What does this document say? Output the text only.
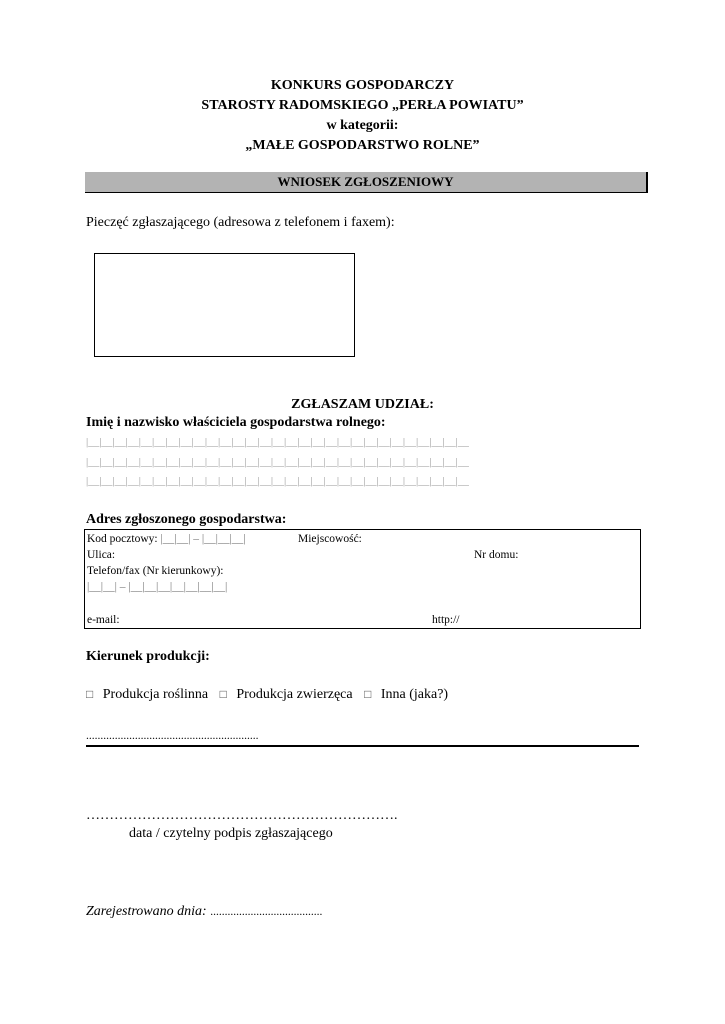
KONKURS GOSPODARCZY
STAROSTY RADOMSKIEGO „PERŁA POWIATU”
w kategorii:
„MAŁE GOSPODARSTWO ROLNE”
WNIOSEK ZGŁOSZENIOWY
Pieczęć zgłaszającego (adresowa z telefonem i faxem):
ZGŁASZAM UDZIAŁ:
Imię i nazwisko właściciela gospodarstwa rolnego:
|__|__|__|__|__|__|__|__|__|__|__|__|__|__|__|__|__|__|__|__|__|__|__|__|__|__|__|__|__
|__|__|__|__|__|__|__|__|__|__|__|__|__|__|__|__|__|__|__|__|__|__|__|__|__|__|__|__|__
|__|__|__|__|__|__|__|__|__|__|__|__|__|__|__|__|__|__|__|__|__|__|__|__|__|__|__|__|__
Adres zgłoszonego gospodarstwa:
Kod pocztowy: |__|__| – |__|__|__|	Miejscowość:
Ulica:	Nr domu:
Telefon/fax (Nr kierunkowy):
|__|__| – |__|__|__|__|__|__|__|
e-mail:	http://
Kierunek produkcji:
□ Produkcja roślinna □ Produkcja zwierzęca □ Inna (jaka?)
............................................................
………………………………………………………….
data / czytelny podpis zgłaszającego
Zarejestrowano dnia: .......................................
